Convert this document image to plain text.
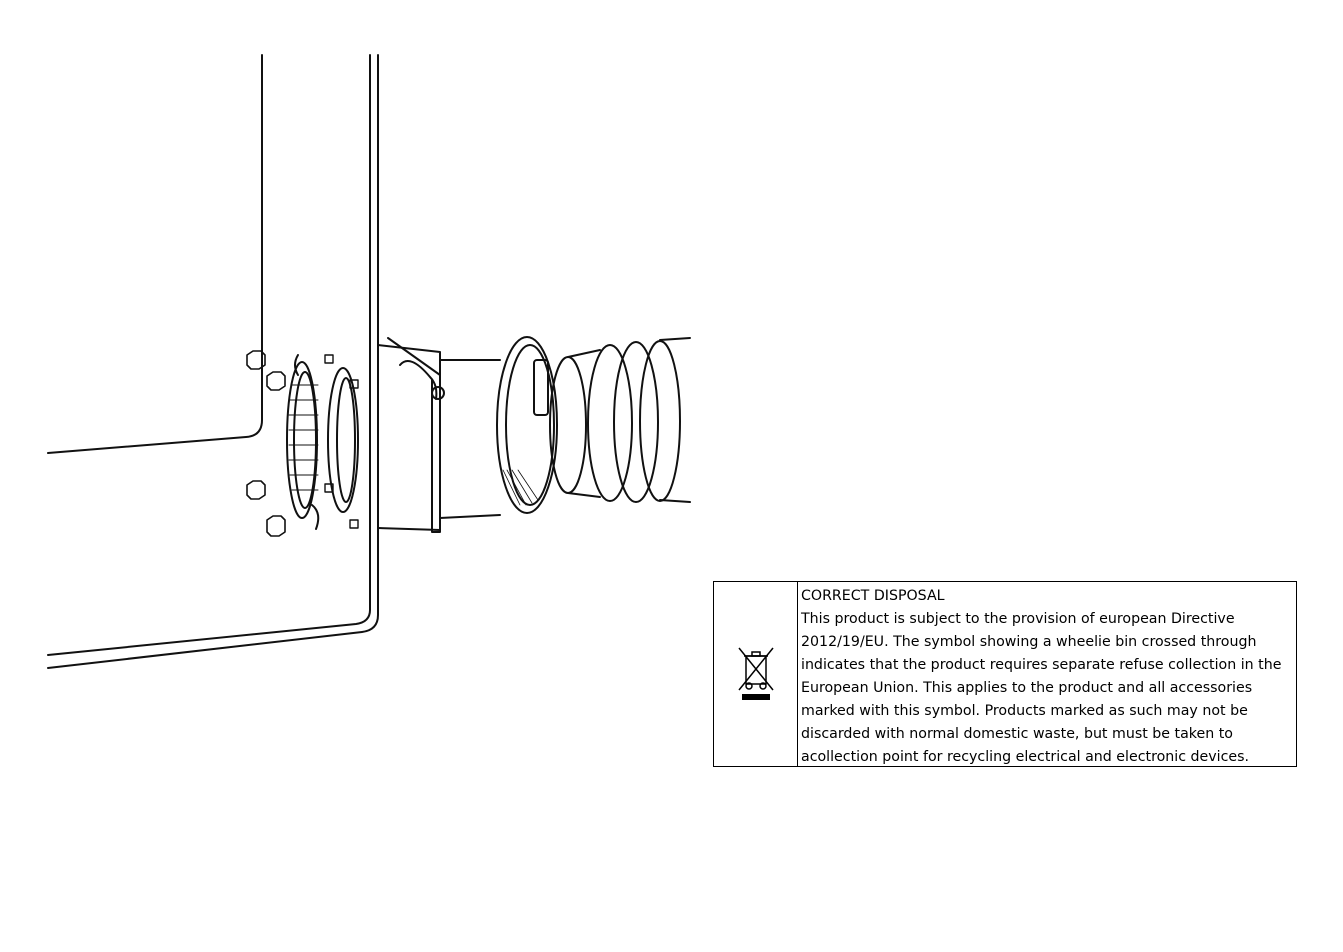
CORRECT DISPOSAL
This product is subject to the provision of european Directive 2012/19/EU. The symbol showing a wheelie bin crossed through indicates that the product requires separate refuse collection in the European Union. This applies to the product and all accessories marked with this symbol. Products marked as such may not be discarded with normal domestic waste, but must be taken to acollection point for recycling electrical and electronic devices.
